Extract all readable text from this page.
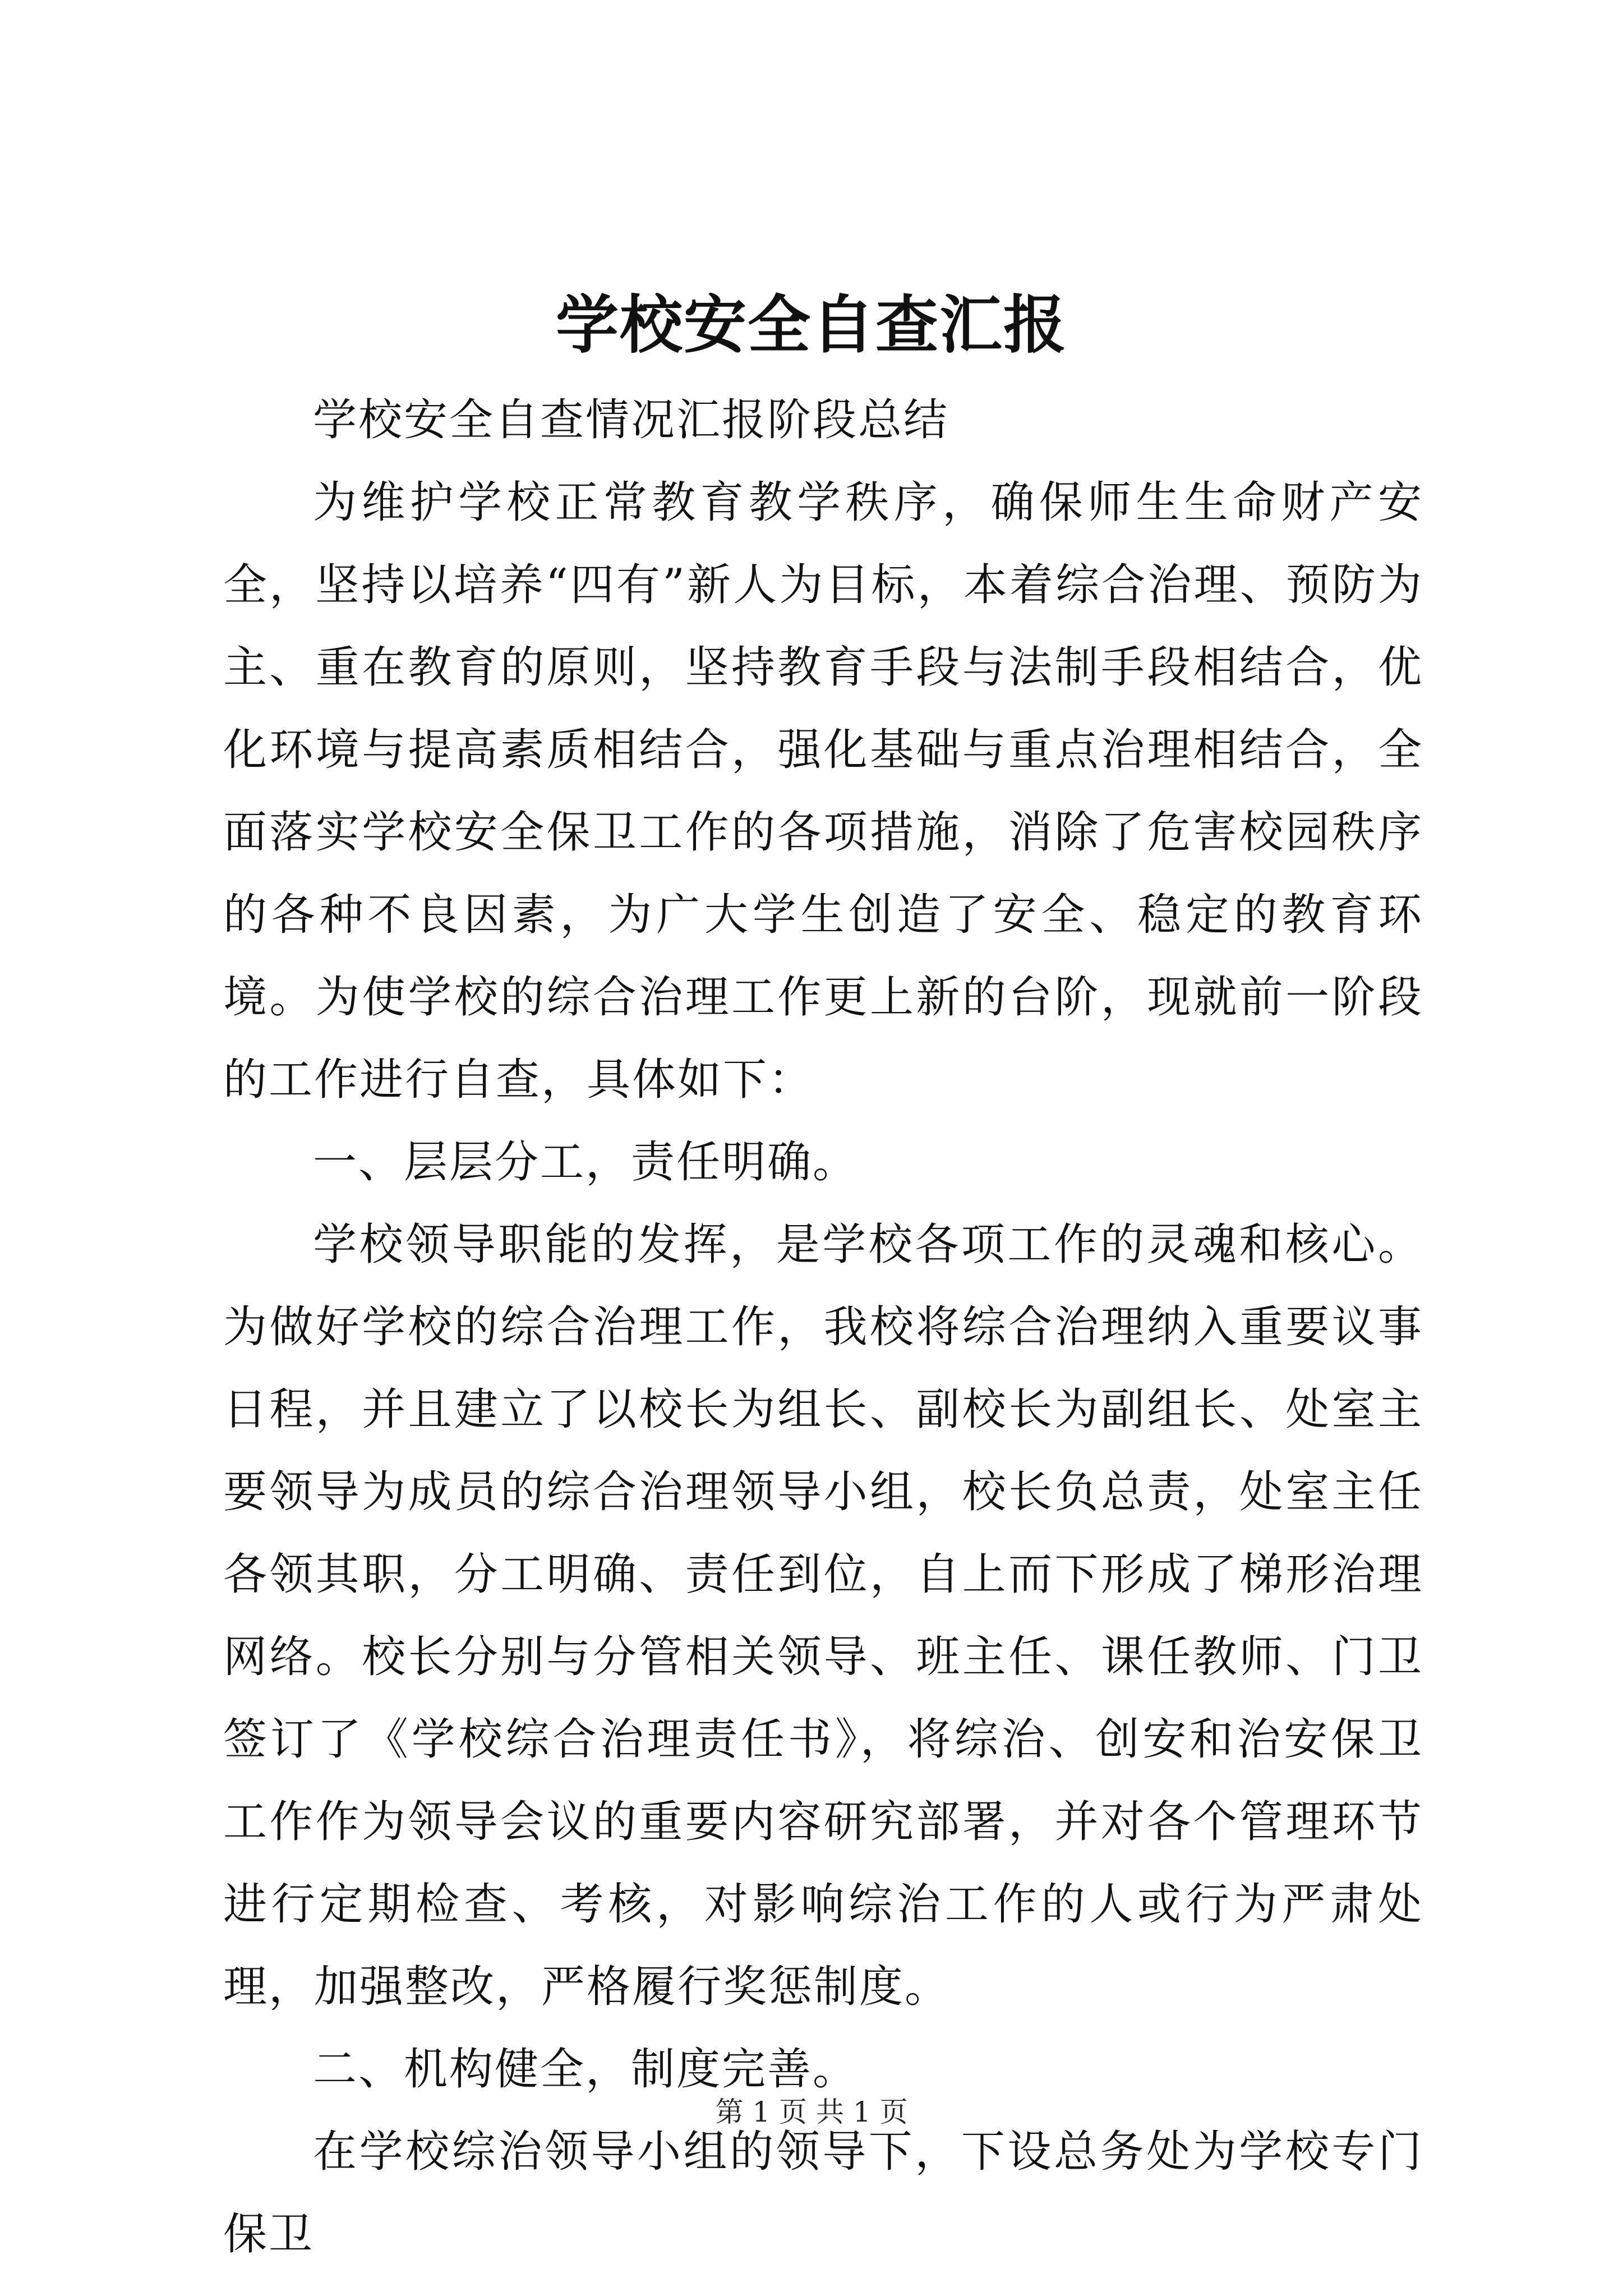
学校安全自查汇报

学校安全自查情况汇报阶段总结

为维护学校正常教育教学秩序，确保师生生命财产安全，坚持以培养“四有”新人为目标，本着综合治理、预防为主、重在教育的原则，坚持教育手段与法制手段相结合，优化环境与提高素质相结合，强化基础与重点治理相结合，全面落实学校安全保卫工作的各项措施，消除了危害校园秩序的各种不良因素，为广大学生创造了安全、稳定的教育环境。为使学校的综合治理工作更上新的台阶，现就前一阶段的工作进行自查，具体如下：

一、层层分工，责任明确。

学校领导职能的发挥，是学校各项工作的灵魂和核心。为做好学校的综合治理工作，我校将综合治理纳入重要议事日程，并且建立了以校长为组长、副校长为副组长、处室主要领导为成员的综合治理领导小组，校长负总责，处室主任各领其职，分工明确、责任到位，自上而下形成了梯形治理网络。校长分别与分管相关领导、班主任、课任教师、门卫签订了《学校综合治理责任书》，将综治、创安和治安保卫工作作为领导会议的重要内容研究部署，并对各个管理环节进行定期检查、考核，对影响综治工作的人或行为严肃处理，加强整改，严格履行奖惩制度。

二、机构健全，制度完善。

在学校综治领导小组的领导下，下设总务处为学校专门保卫

第 1 页 共 1 页
